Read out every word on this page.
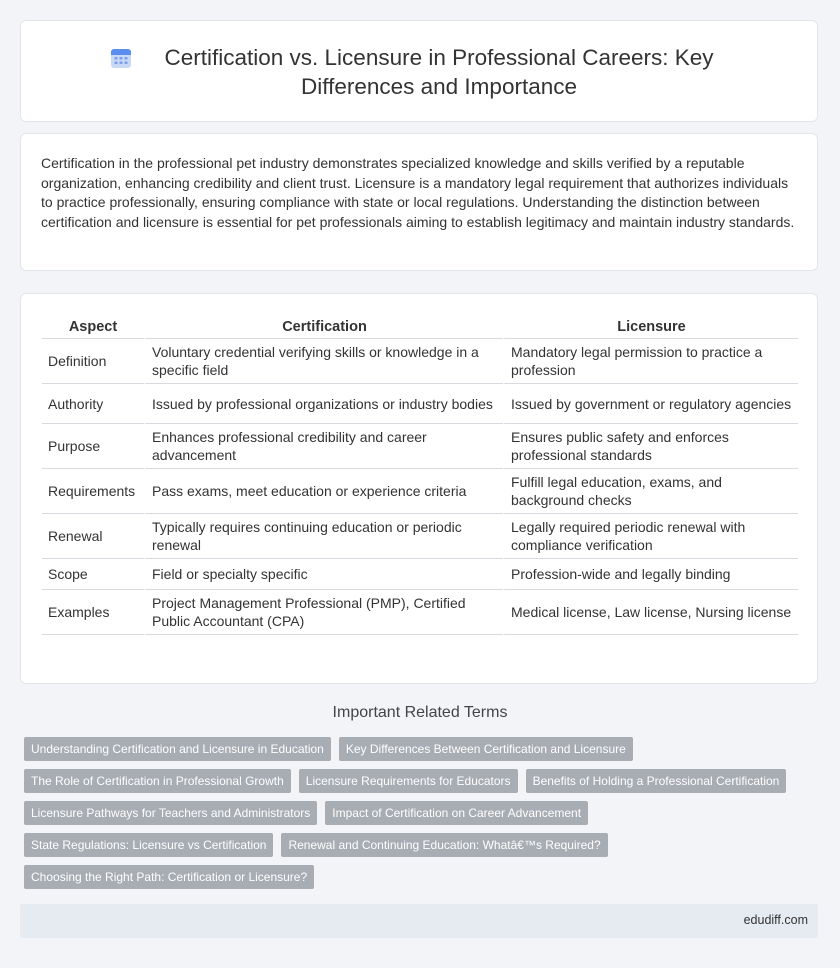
Certification vs. Licensure in Professional Careers: Key Differences and Importance

Certification in the professional pet industry demonstrates specialized knowledge and skills verified by a reputable organization, enhancing credibility and client trust. Licensure is a mandatory legal requirement that authorizes individuals to practice professionally, ensuring compliance with state or local regulations. Understanding the distinction between certification and licensure is essential for pet professionals aiming to establish legitimacy and maintain industry standards.

Aspect	Certification	Licensure
Definition	Voluntary credential verifying skills or knowledge in a specific field	Mandatory legal permission to practice a profession
Authority	Issued by professional organizations or industry bodies	Issued by government or regulatory agencies
Purpose	Enhances professional credibility and career advancement	Ensures public safety and enforces professional standards
Requirements	Pass exams, meet education or experience criteria	Fulfill legal education, exams, and background checks
Renewal	Typically requires continuing education or periodic renewal	Legally required periodic renewal with compliance verification
Scope	Field or specialty specific	Profession-wide and legally binding
Examples	Project Management Professional (PMP), Certified Public Accountant (CPA)	Medical license, Law license, Nursing license
Important Related Terms
Understanding Certification and Licensure in Education Key Differences Between Certification and Licensure
The Role of Certification in Professional Growth Licensure Requirements for Educators Benefits of Holding a Professional Certification
Licensure Pathways for Teachers and Administrators Impact of Certification on Career Advancement
State Regulations: Licensure vs Certification Renewal and Continuing Education: Whatâ€™s Required?
Choosing the Right Path: Certification or Licensure?
edudiff.com
